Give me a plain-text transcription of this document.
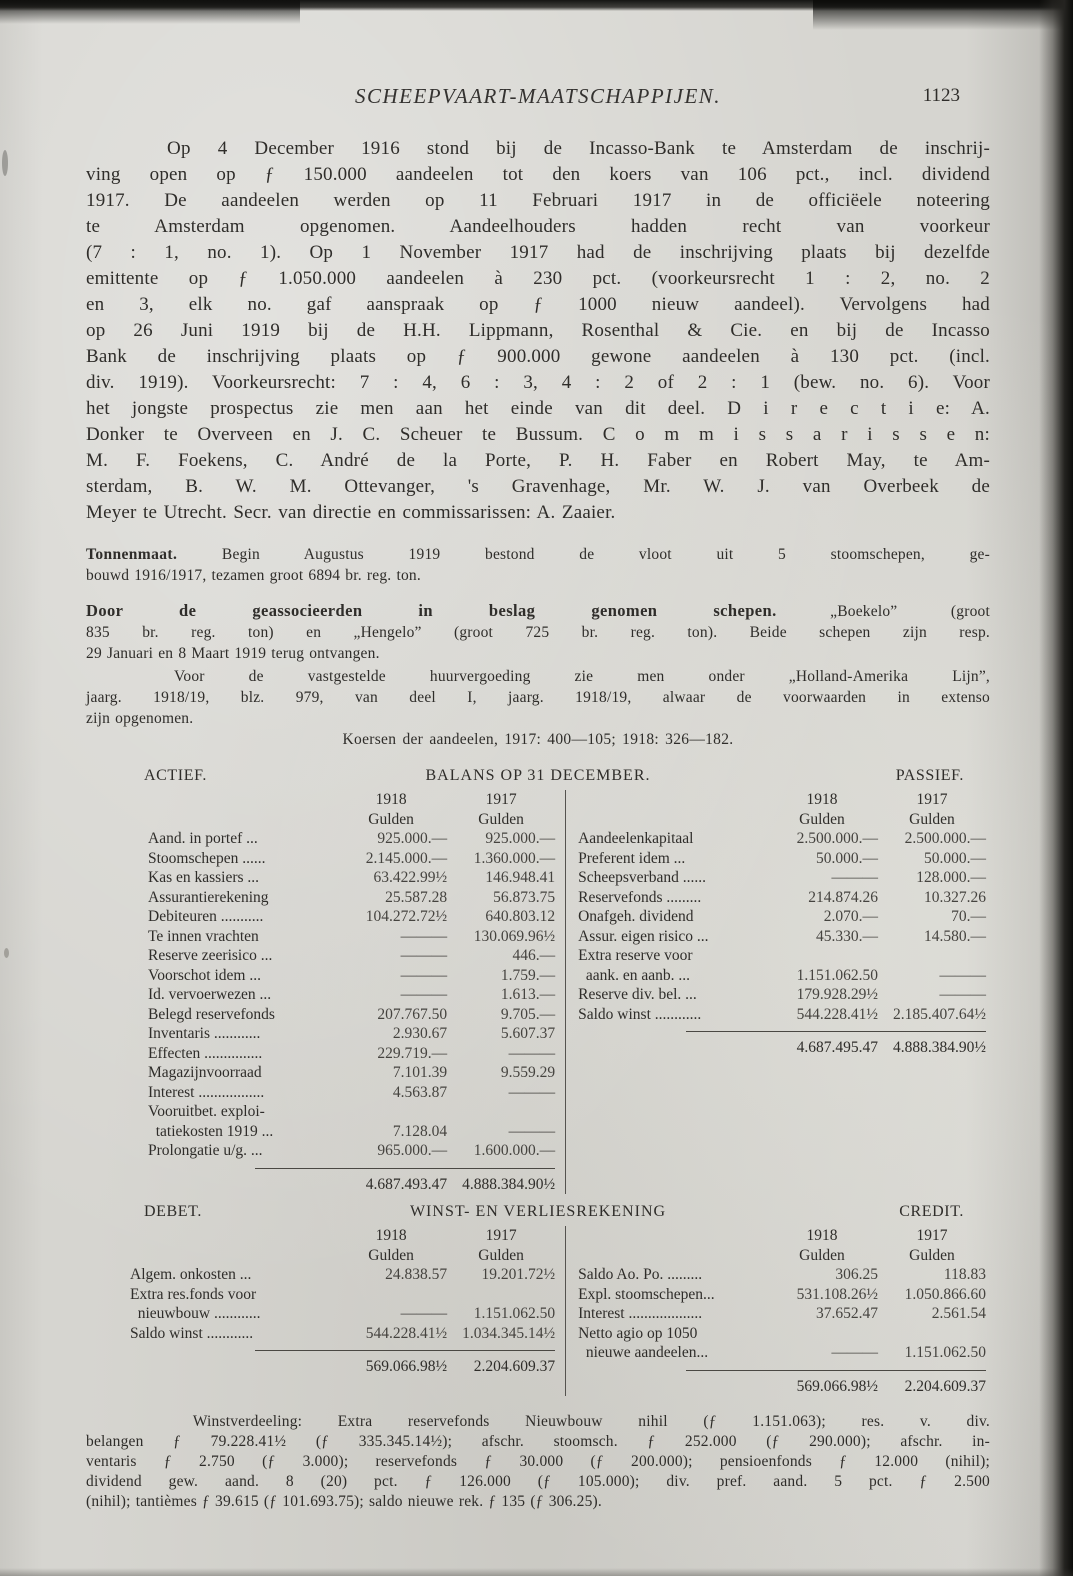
SCHEEPVAART-MAATSCHAPPIJEN.	1123
Op 4 December 1916 stond bij de Incasso-Bank te Amsterdam de inschrij-
ving open op ƒ 150.000 aandeelen tot den koers van 106 pct., incl. dividend
1917. De aandeelen werden op 11 Februari 1917 in de officiëele noteering
te Amsterdam opgenomen. Aandeelhouders hadden recht van voorkeur
(7 : 1, no. 1). Op 1 November 1917 had de inschrijving plaats bij dezelfde
emittente op ƒ 1.050.000 aandeelen à 230 pct. (voorkeursrecht 1 : 2, no. 2
en 3, elk no. gaf aanspraak op ƒ 1000 nieuw aandeel). Vervolgens had
op 26 Juni 1919 bij de H.H. Lippmann, Rosenthal & Cie. en bij de Incasso
Bank de inschrijving plaats op ƒ 900.000 gewone aandeelen à 130 pct. (incl.
div. 1919). Voorkeursrecht: 7 : 4, 6 : 3, 4 : 2 of 2 : 1 (bew. no. 6). Voor
het jongste prospectus zie men aan het einde van dit deel. D i r e c t i e: A.
Donker te Overveen en J. C. Scheuer te Bussum. C o m m i s s a r i s s e n:
M. F. Foekens, C. André de la Porte, P. H. Faber en Robert May, te Am-
sterdam, B. W. M. Ottevanger, 's Gravenhage, Mr. W. J. van Overbeek de
Meyer te Utrecht. Secr. van directie en commissarissen: A. Zaaier.
Tonnenmaat. Begin Augustus 1919 bestond de vloot uit 5 stoomschepen, ge-
bouwd 1916/1917, tezamen groot 6894 br. reg. ton.
Door de geassocieerden in beslag genomen schepen. „Boekelo” (groot
835 br. reg. ton) en „Hengelo” (groot 725 br. reg. ton). Beide schepen zijn resp.
29 Januari en 8 Maart 1919 terug ontvangen.
Voor de vastgestelde huurvergoeding zie men onder „Holland-Amerika Lijn”,
jaarg. 1918/19, blz. 979, van deel I, jaarg. 1918/19, alwaar de voorwaarden in extenso
zijn opgenomen.
Koersen der aandeelen, 1917: 400—105; 1918: 326—182.
ACTIEF.	BALANS OP 31 DECEMBER.	PASSIEF.
1918	1917
Gulden	Gulden
Aand. in portef ...	925.000.—	925.000.—
Stoomschepen ......	2.145.000.—	1.360.000.—
Kas en kassiers ...	63.422.99½	146.948.41
Assurantierekening	25.587.28	56.873.75
Debiteuren ...........	104.272.72½	640.803.12
Te innen vrachten	———	130.069.96½
Reserve zeerisico ...	———	446.—
Voorschot idem ...	———	1.759.—
Id. vervoerwezen ...	———	1.613.—
Belegd reservefonds	207.767.50	9.705.—
Inventaris ............	2.930.67	5.607.37
Effecten ...............	229.719.—	———
Magazijnvoorraad	7.101.39	9.559.29
Interest .................	4.563.87	———
Vooruitbet. exploi-
tatiekosten 1919 ...	7.128.04	———
Prolongatie u/g. ...	965.000.—	1.600.000.—
4.687.493.47 4.888.384.90½
1918	1917
Gulden	Gulden
Aandeelenkapitaal	2.500.000.—	2.500.000.—
Preferent idem ...	50.000.—	50.000.—
Scheepsverband ......	———	128.000.—
Reservefonds .........	214.874.26	10.327.26
Onafgeh. dividend	2.070.—	70.—
Assur. eigen risico ...	45.330.—	14.580.—
Extra reserve voor
aank. en aanb. ...	1.151.062.50	———
Reserve div. bel. ...	179.928.29½	———
Saldo winst ............	544.228.41½ 2.185.407.64½
4.687.495.47 4.888.384.90½
DEBET.	WINST- EN VERLIESREKENING	CREDIT.
1918	1917
Gulden	Gulden
Algem. onkosten ...	24.838.57	19.201.72½
Extra res.fonds voor
nieuwbouw ............	———	1.151.062.50
Saldo winst ............	544.228.41½ 1.034.345.14½
569.066.98½	2.204.609.37
1918	1917
Gulden	Gulden
Saldo Ao. Po. .........	306.25	118.83
Expl. stoomschepen...	531.108.26½	1.050.866.60
Interest ...................	37.652.47	2.561.54
Netto agio op 1050
nieuwe aandeelen...	———	1.151.062.50
569.066.98½	2.204.609.37
Winstverdeeling: Extra reservefonds Nieuwbouw nihil (ƒ 1.151.063); res. v. div.
belangen ƒ 79.228.41½ (ƒ 335.345.14½); afschr. stoomsch. ƒ 252.000 (ƒ 290.000); afschr. in-
ventaris ƒ 2.750 (ƒ 3.000); reservefonds ƒ 30.000 (ƒ 200.000); pensioenfonds ƒ 12.000 (nihil);
dividend gew. aand. 8 (20) pct. ƒ 126.000 (ƒ 105.000); div. pref. aand. 5 pct. ƒ 2.500
(nihil); tantièmes ƒ 39.615 (ƒ 101.693.75); saldo nieuwe rek. ƒ 135 (ƒ 306.25).
